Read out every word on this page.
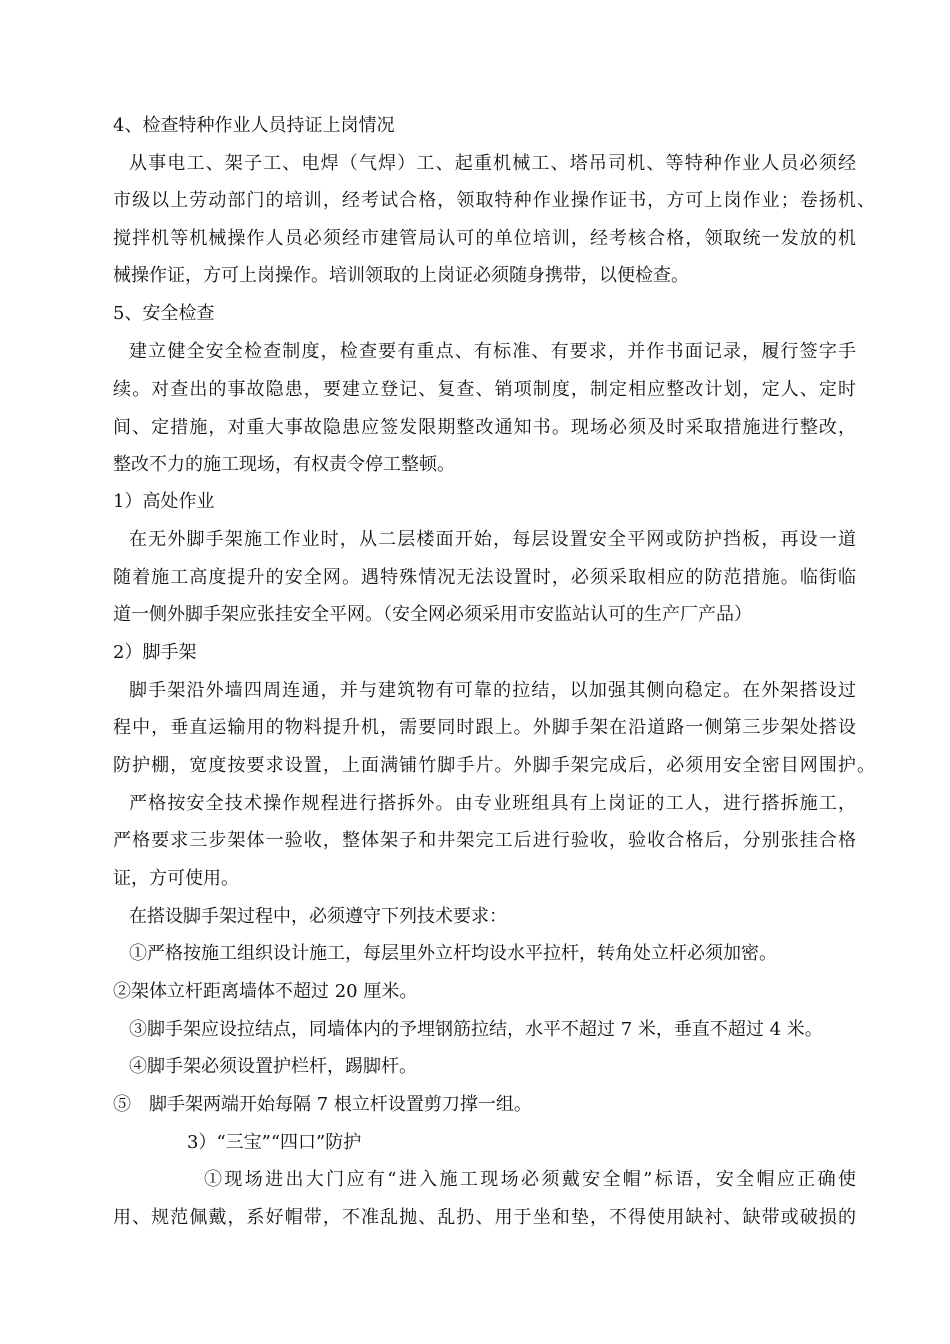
4、检查特种作业人员持证上岗情况
从事电工、架子工、电焊（气焊）工、起重机械工、塔吊司机、等特种作业人员必须经
市级以上劳动部门的培训，经考试合格，领取特种作业操作证书，方可上岗作业；卷扬机、
搅拌机等机械操作人员必须经市建管局认可的单位培训，经考核合格，领取统一发放的机
械操作证，方可上岗操作。培训领取的上岗证必须随身携带，以便检查。
5、安全检查
建立健全安全检查制度，检查要有重点、有标准、有要求，并作书面记录，履行签字手
续。对查出的事故隐患，要建立登记、复查、销项制度，制定相应整改计划，定人、定时
间、定措施，对重大事故隐患应签发限期整改通知书。现场必须及时采取措施进行整改，
整改不力的施工现场，有权责令停工整顿。
1）高处作业
在无外脚手架施工作业时，从二层楼面开始，每层设置安全平网或防护挡板，再设一道
随着施工高度提升的安全网。遇特殊情况无法设置时，必须采取相应的防范措施。临街临
道一侧外脚手架应张挂安全平网。（安全网必须采用市安监站认可的生产厂产品）
2）脚手架
脚手架沿外墙四周连通，并与建筑物有可靠的拉结，以加强其侧向稳定。在外架搭设过
程中，垂直运输用的物料提升机，需要同时跟上。外脚手架在沿道路一侧第三步架处搭设
防护棚，宽度按要求设置，上面满铺竹脚手片。外脚手架完成后，必须用安全密目网围护。
严格按安全技术操作规程进行搭拆外。由专业班组具有上岗证的工人，进行搭拆施工，
严格要求三步架体一验收，整体架子和井架完工后进行验收，验收合格后，分别张挂合格
证，方可使用。
在搭设脚手架过程中，必须遵守下列技术要求：
①严格按施工组织设计施工，每层里外立杆均设水平拉杆，转角处立杆必须加密。
②架体立杆距离墙体不超过 20 厘米。
③脚手架应设拉结点，同墙体内的予埋钢筋拉结，水平不超过 7 米，垂直不超过 4 米。
④脚手架必须设置护栏杆，踢脚杆。
⑤　脚手架两端开始每隔 7 根立杆设置剪刀撑一组。
3）“三宝”“四口”防护
①现场进出大门应有“进入施工现场必须戴安全帽”标语，安全帽应正确使
用、规范佩戴，系好帽带，不准乱抛、乱扔、用于坐和垫，不得使用缺衬、缺带或破损的
